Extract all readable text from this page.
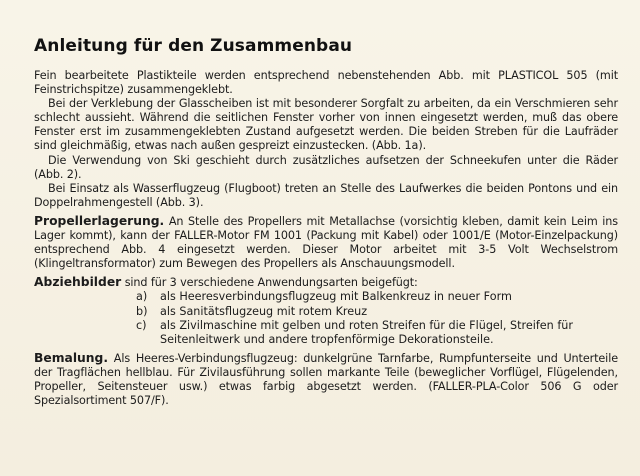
Anleitung für den Zusammenbau

Fein bearbeitete Plastikteile werden entsprechend nebenstehenden Abb. mit PLASTICOL 505 (mit Feinstrichspitze) zusammengeklebt.

Bei der Verklebung der Glasscheiben ist mit besonderer Sorgfalt zu arbeiten, da ein Verschmieren sehr schlecht aussieht. Während die seitlichen Fenster vorher von innen eingesetzt werden, muß das obere Fenster erst im zusammengeklebten Zustand aufgesetzt werden. Die beiden Streben für die Laufräder sind gleichmäßig, etwas nach außen gespreizt einzustecken. (Abb. 1a).

Die Verwendung von Ski geschieht durch zusätzliches aufsetzen der Schneekufen unter die Räder (Abb. 2).

Bei Einsatz als Wasserflugzeug (Flugboot) treten an Stelle des Laufwerkes die beiden Pontons und ein Doppelrahmengestell (Abb. 3).

Propellerlagerung. An Stelle des Propellers mit Metallachse (vorsichtig kleben, damit kein Leim ins Lager kommt), kann der FALLER-Motor FM 1001 (Packung mit Kabel) oder 1001/E (Motor-Einzelpackung) entsprechend Abb. 4 eingesetzt werden. Dieser Motor arbeitet mit 3-5 Volt Wechselstrom (Klingeltransformator) zum Bewegen des Propellers als Anschauungsmodell.

Abziehbilder sind für 3 verschiedene Anwendungsarten beigefügt:

a) als Heeresverbindungsflugzeug mit Balkenkreuz in neuer Form
b) als Sanitätsflugzeug mit rotem Kreuz
c) als Zivilmaschine mit gelben und roten Streifen für die Flügel, Streifen für Seitenleitwerk und andere tropfenförmige Dekorationsteile.

Bemalung. Als Heeres-Verbindungsflugzeug: dunkelgrüne Tarnfarbe, Rumpfunterseite und Unterteile der Tragflächen hellblau. Für Zivilausführung sollen markante Teile (beweglicher Vorflügel, Flügelenden, Propeller, Seitensteuer usw.) etwas farbig abgesetzt werden. (FALLER-PLA-Color 506 G oder Spezialsortiment 507/F).
